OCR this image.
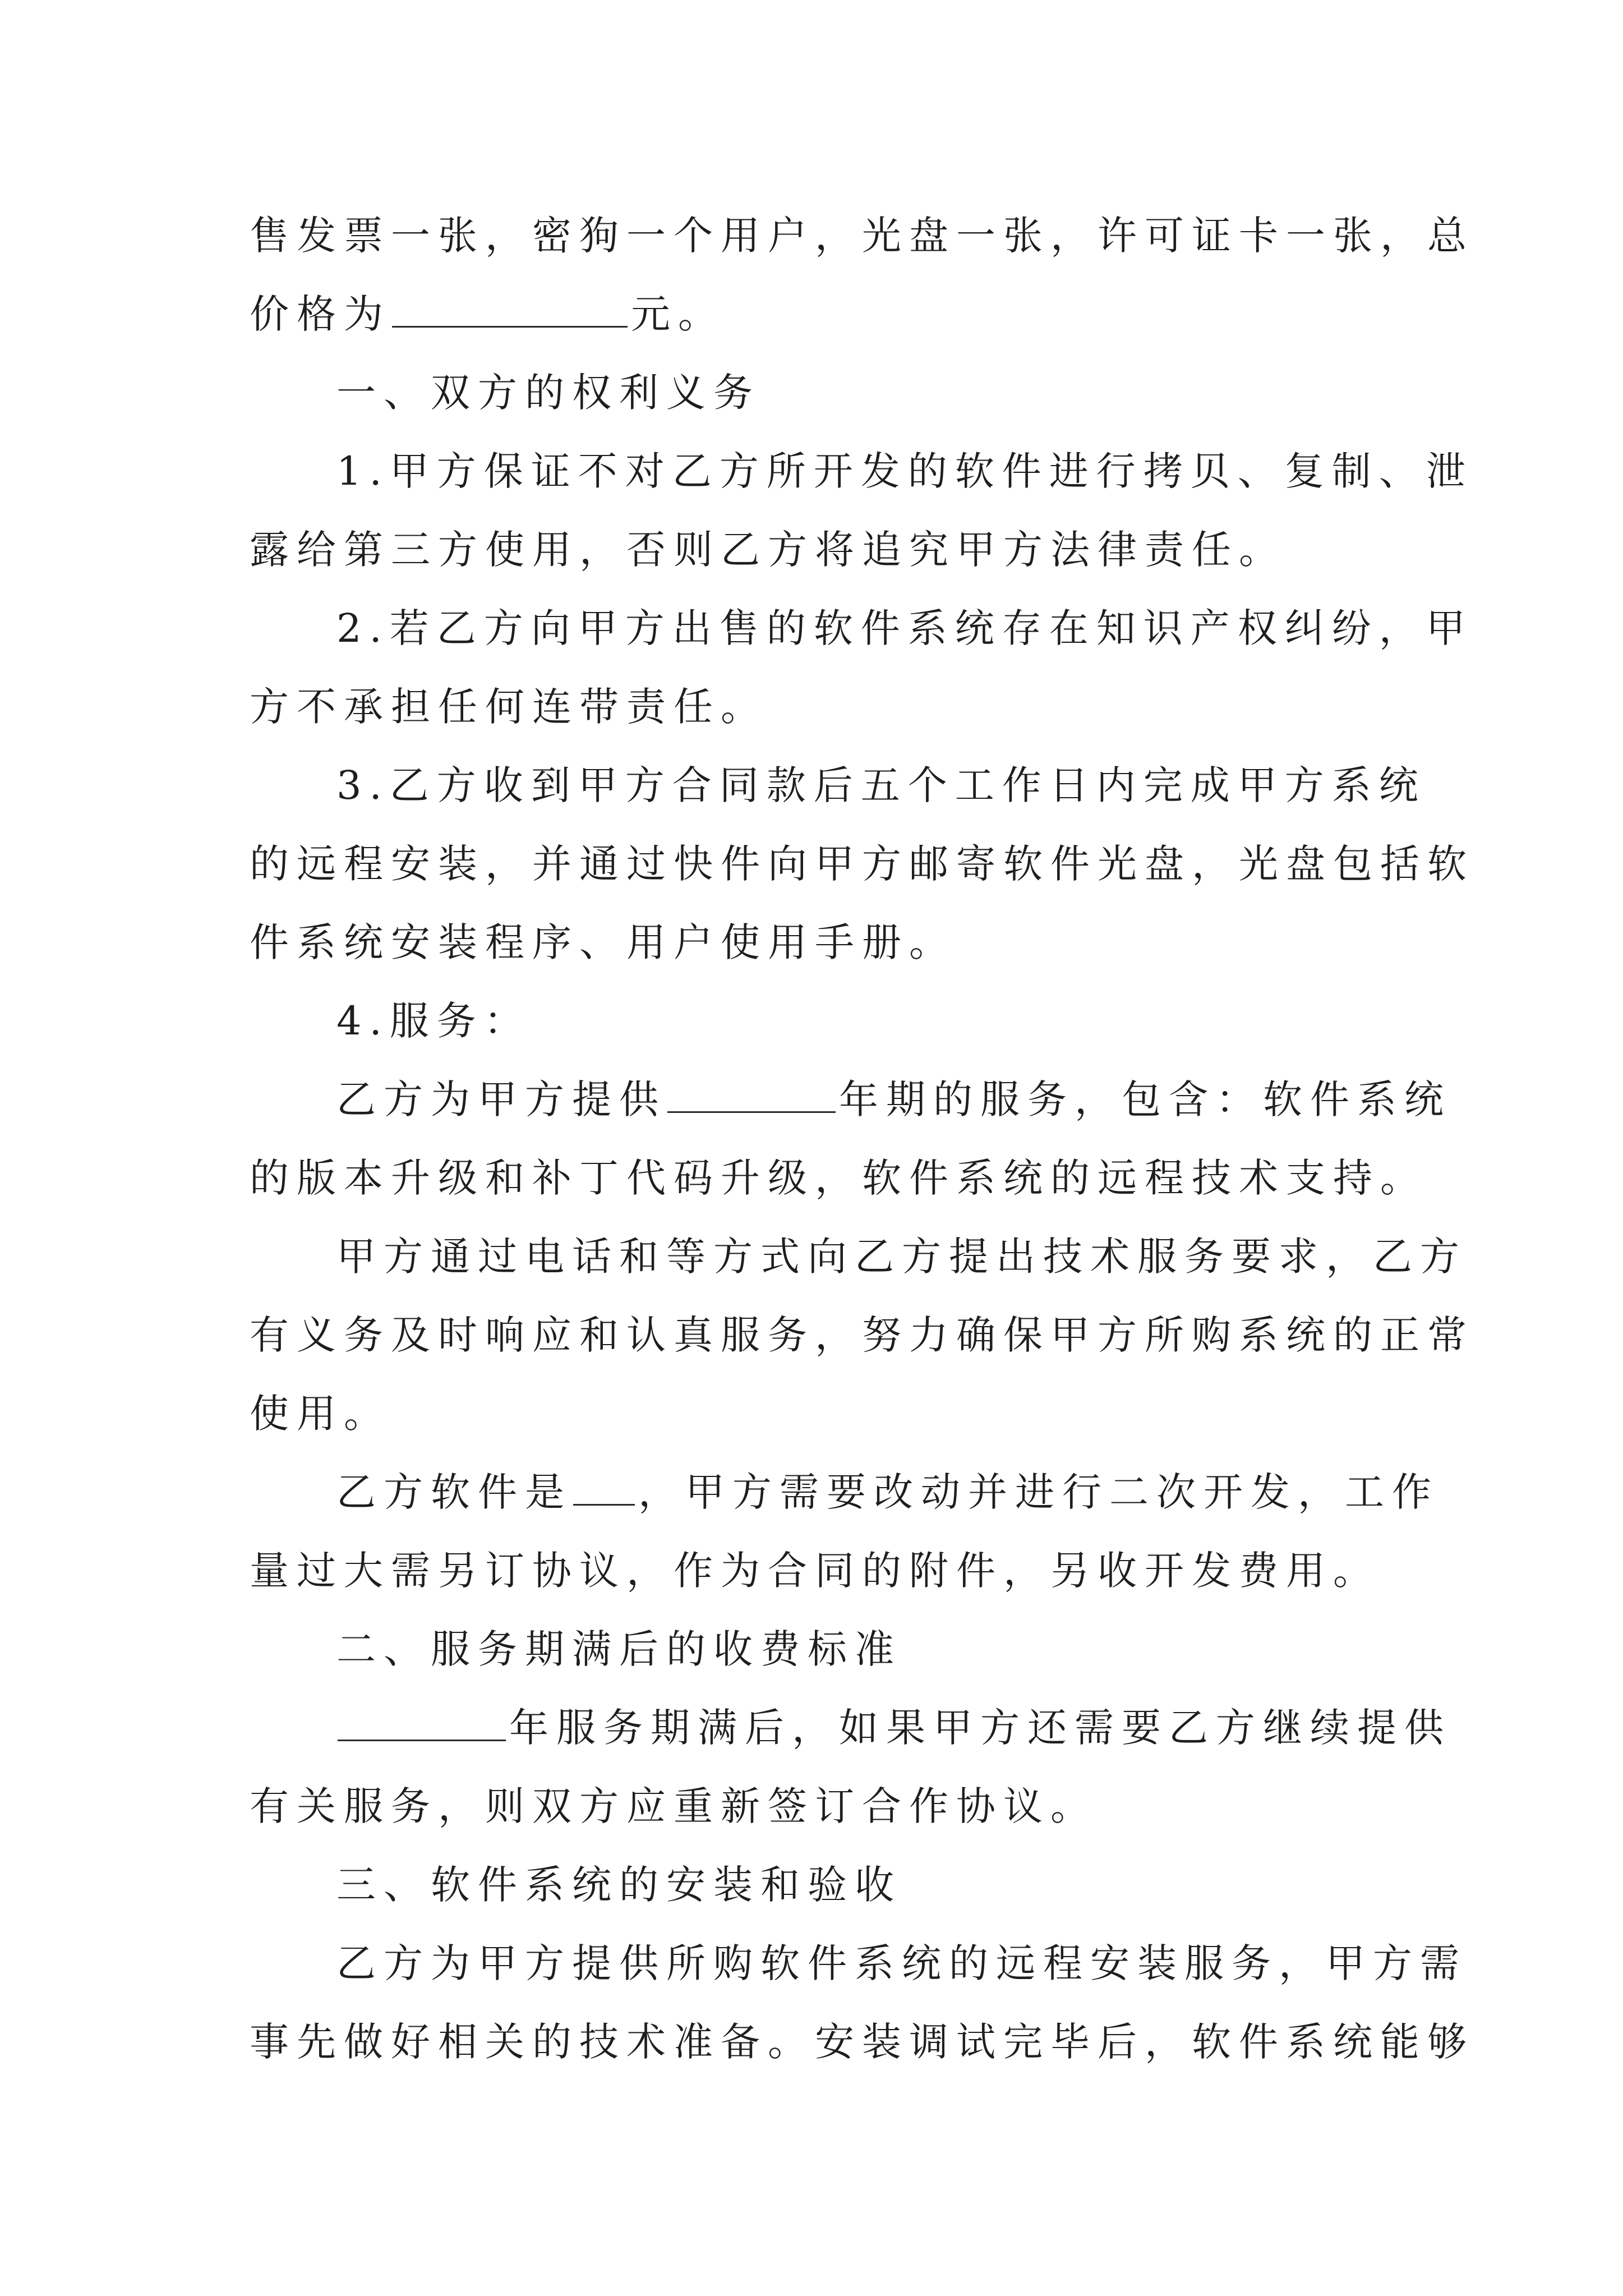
售发票一张，密狗一个用户，光盘一张，许可证卡一张，总
价格为	元。
一、双方的权利义务
1.甲方保证不对乙方所开发的软件进行拷贝、复制、泄
露给第三方使用，否则乙方将追究甲方法律责任。
2.若乙方向甲方出售的软件系统存在知识产权纠纷，甲
方不承担任何连带责任。
3.乙方收到甲方合同款后五个工作日内完成甲方系统
的远程安装，并通过快件向甲方邮寄软件光盘，光盘包括软
件系统安装程序、用户使用手册。
4.服务：
乙方为甲方提供	年期的服务，包含：软件系统
的版本升级和补丁代码升级，软件系统的远程技术支持。
甲方通过电话和等方式向乙方提出技术服务要求，乙方
有义务及时响应和认真服务，努力确保甲方所购系统的正常
使用。
乙方软件是 ，甲方需要改动并进行二次开发，工作
量过大需另订协议，作为合同的附件，另收开发费用。
二、服务期满后的收费标准
年服务期满后，如果甲方还需要乙方继续提供
有关服务，则双方应重新签订合作协议。
三、软件系统的安装和验收
乙方为甲方提供所购软件系统的远程安装服务，甲方需
事先做好相关的技术准备。安装调试完毕后，软件系统能够
